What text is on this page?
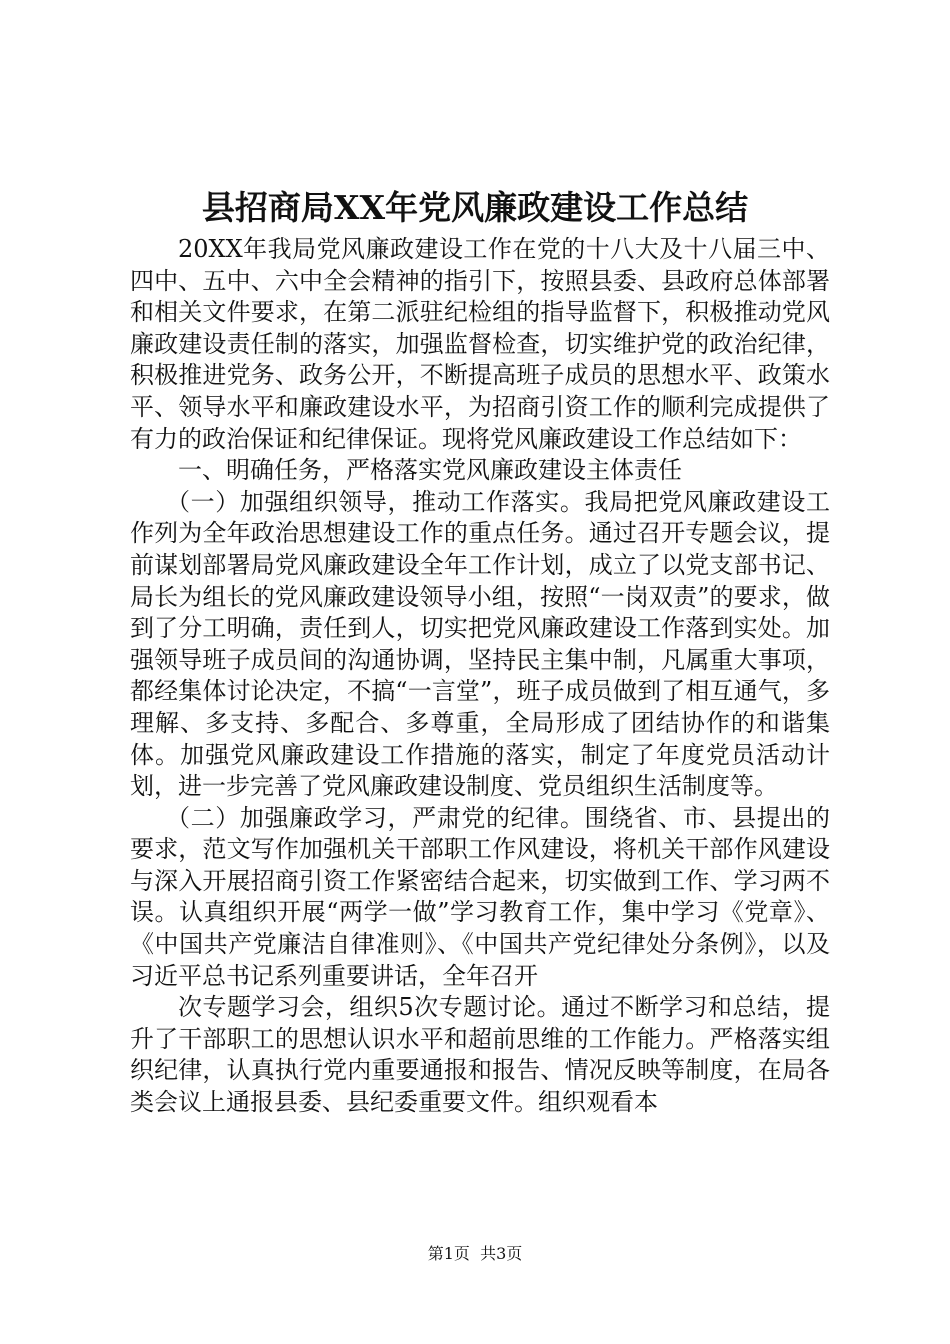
县招商局XX年党风廉政建设工作总结

20XX年我局党风廉政建设工作在党的十八大及十八届三中、四中、五中、六中全会精神的指引下，按照县委、县政府总体部署和相关文件要求，在第二派驻纪检组的指导监督下，积极推动党风廉政建设责任制的落实，加强监督检查，切实维护党的政治纪律，积极推进党务、政务公开，不断提高班子成员的思想水平、政策水平、领导水平和廉政建设水平，为招商引资工作的顺利完成提供了有力的政治保证和纪律保证。现将党风廉政建设工作总结如下：

一、明确任务，严格落实党风廉政建设主体责任

（一）加强组织领导，推动工作落实。我局把党风廉政建设工作列为全年政治思想建设工作的重点任务。通过召开专题会议，提前谋划部署局党风廉政建设全年工作计划，成立了以党支部书记、局长为组长的党风廉政建设领导小组，按照“一岗双责”的要求，做到了分工明确，责任到人，切实把党风廉政建设工作落到实处。加强领导班子成员间的沟通协调，坚持民主集中制，凡属重大事项，都经集体讨论决定，不搞“一言堂”，班子成员做到了相互通气，多理解、多支持、多配合、多尊重，全局形成了团结协作的和谐集体。加强党风廉政建设工作措施的落实，制定了年度党员活动计划，进一步完善了党风廉政建设制度、党员组织生活制度等。

（二）加强廉政学习，严肃党的纪律。围绕省、市、县提出的要求，范文写作加强机关干部职工作风建设，将机关干部作风建设与深入开展招商引资工作紧密结合起来，切实做到工作、学习两不误。认真组织开展“两学一做”学习教育工作，集中学习《党章》、《中国共产党廉洁自律准则》、《中国共产党纪律处分条例》，以及习近平总书记系列重要讲话，全年召开

次专题学习会，组织5次专题讨论。通过不断学习和总结，提升了干部职工的思想认识水平和超前思维的工作能力。严格落实组织纪律，认真执行党内重要通报和报告、情况反映等制度，在局各类会议上通报县委、县纪委重要文件。组织观看本

第1页  共3页
